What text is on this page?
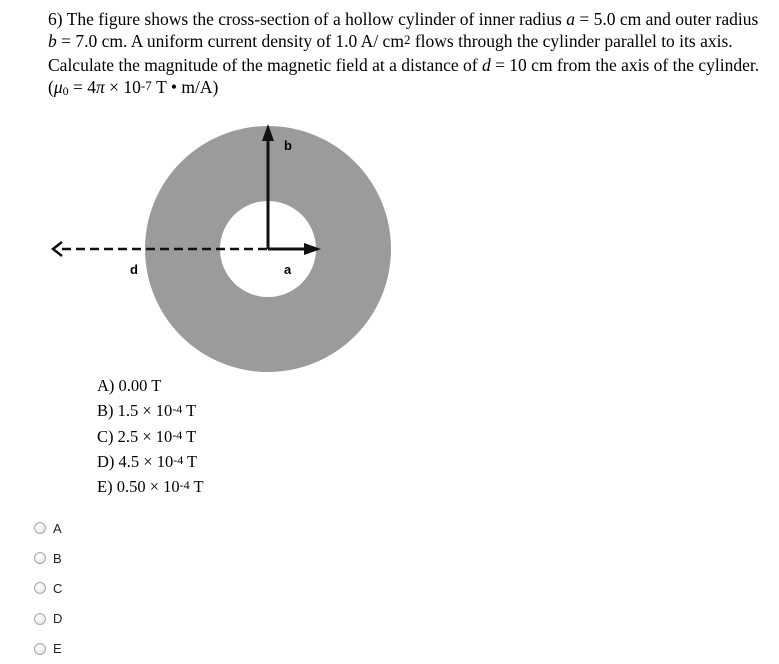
6) The figure shows the cross-section of a hollow cylinder of inner radius a = 5.0 cm and outer radius b = 7.0 cm. A uniform current density of 1.0 A/ $cm^2$ flows through the cylinder parallel to its axis. Calculate the magnitude of the magnetic field at a distance of d = 10 cm from the axis of the cylinder. ($\mu_0 = 4\pi \times 10^{-7}$ T • m/A)
b
a
d
A) 0.00 T
B) $1.5 \times 10^{-4}$ T
C) $2.5 \times 10^{-4}$ T
D) $4.5 \times 10^{-4}$ T
E) $0.50 \times 10^{-4}$ T
A
B
C
D
E
